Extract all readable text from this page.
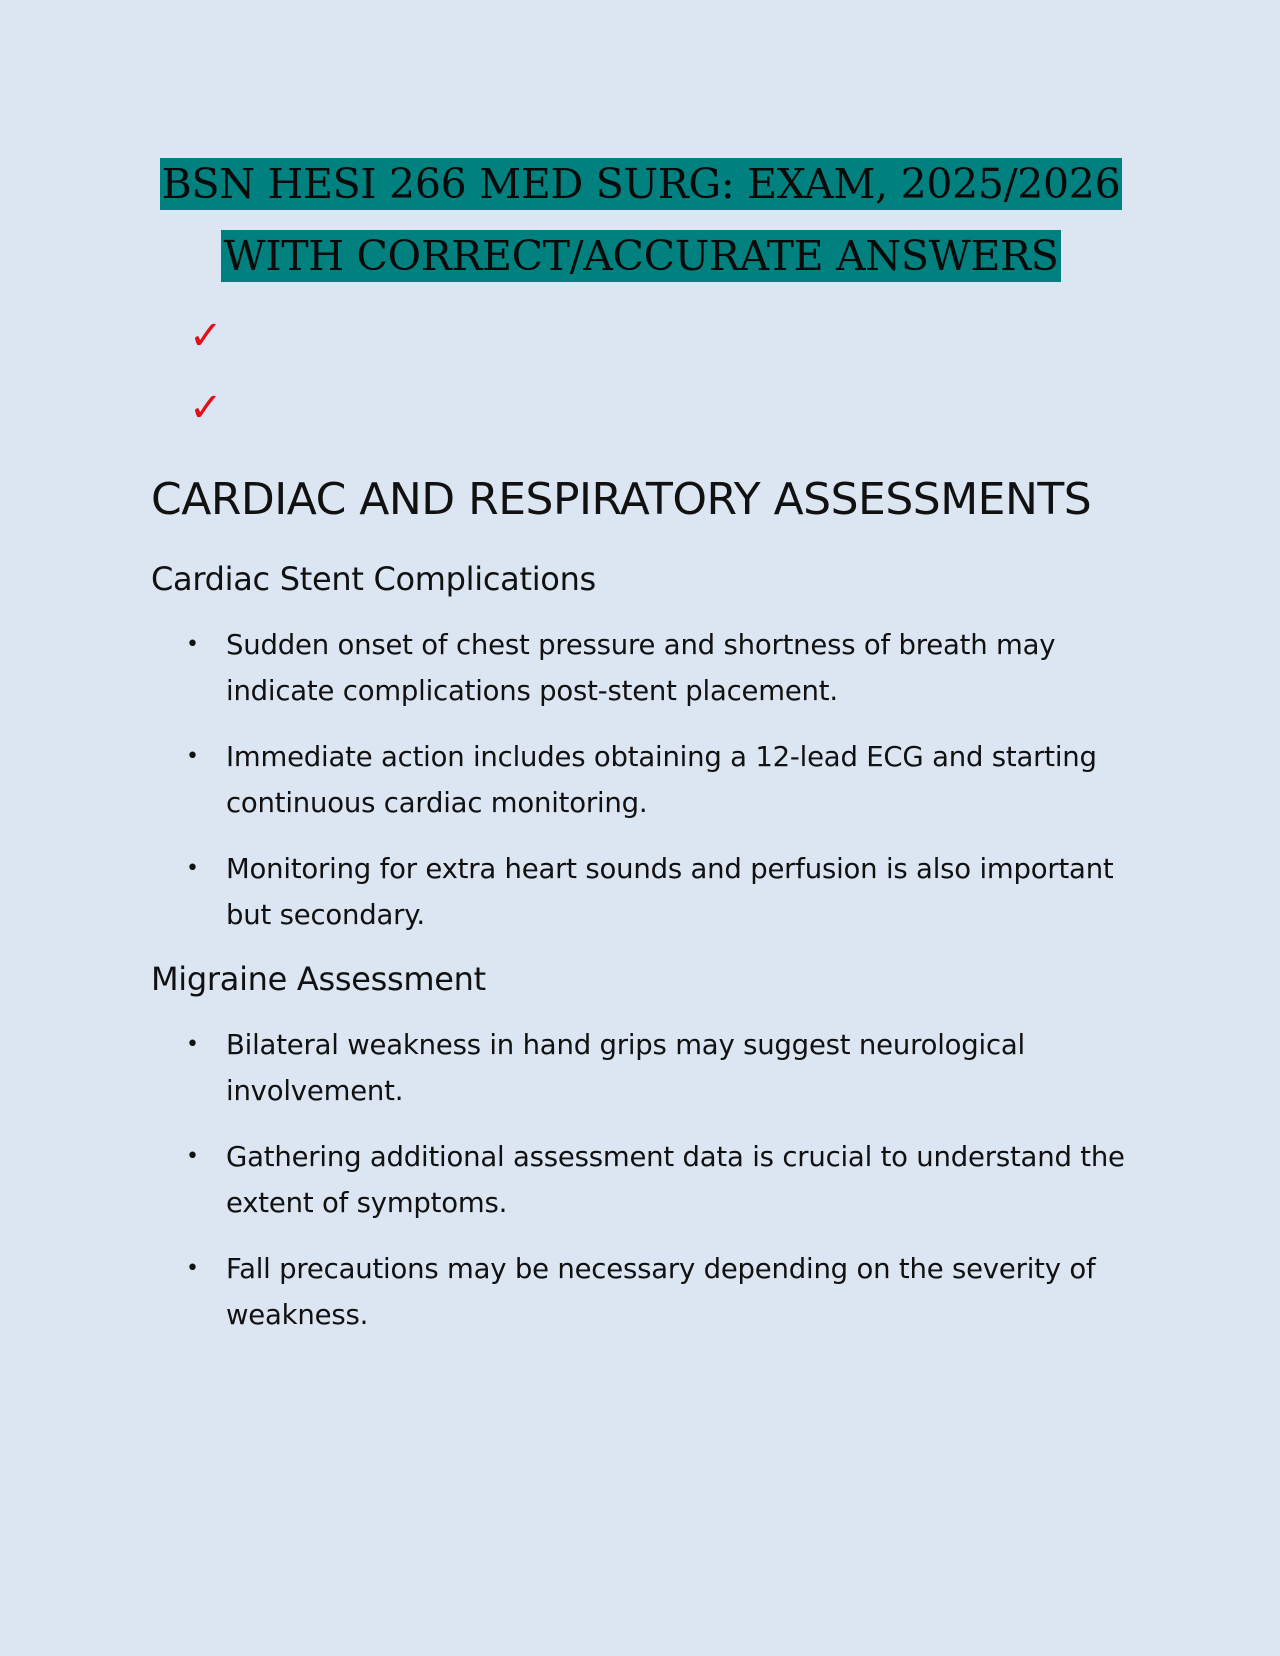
BSN HESI 266 MED SURG: EXAM, 2025/2026
WITH CORRECT/ACCURATE ANSWERS
✓
✓
CARDIAC AND RESPIRATORY ASSESSMENTS
Cardiac Stent Complications
• Sudden onset of chest pressure and shortness of breath may indicate complications post-stent placement.
• Immediate action includes obtaining a 12-lead ECG and starting continuous cardiac monitoring.
• Monitoring for extra heart sounds and perfusion is also important but secondary.
Migraine Assessment
• Bilateral weakness in hand grips may suggest neurological involvement.
• Gathering additional assessment data is crucial to understand the extent of symptoms.
• Fall precautions may be necessary depending on the severity of weakness.
